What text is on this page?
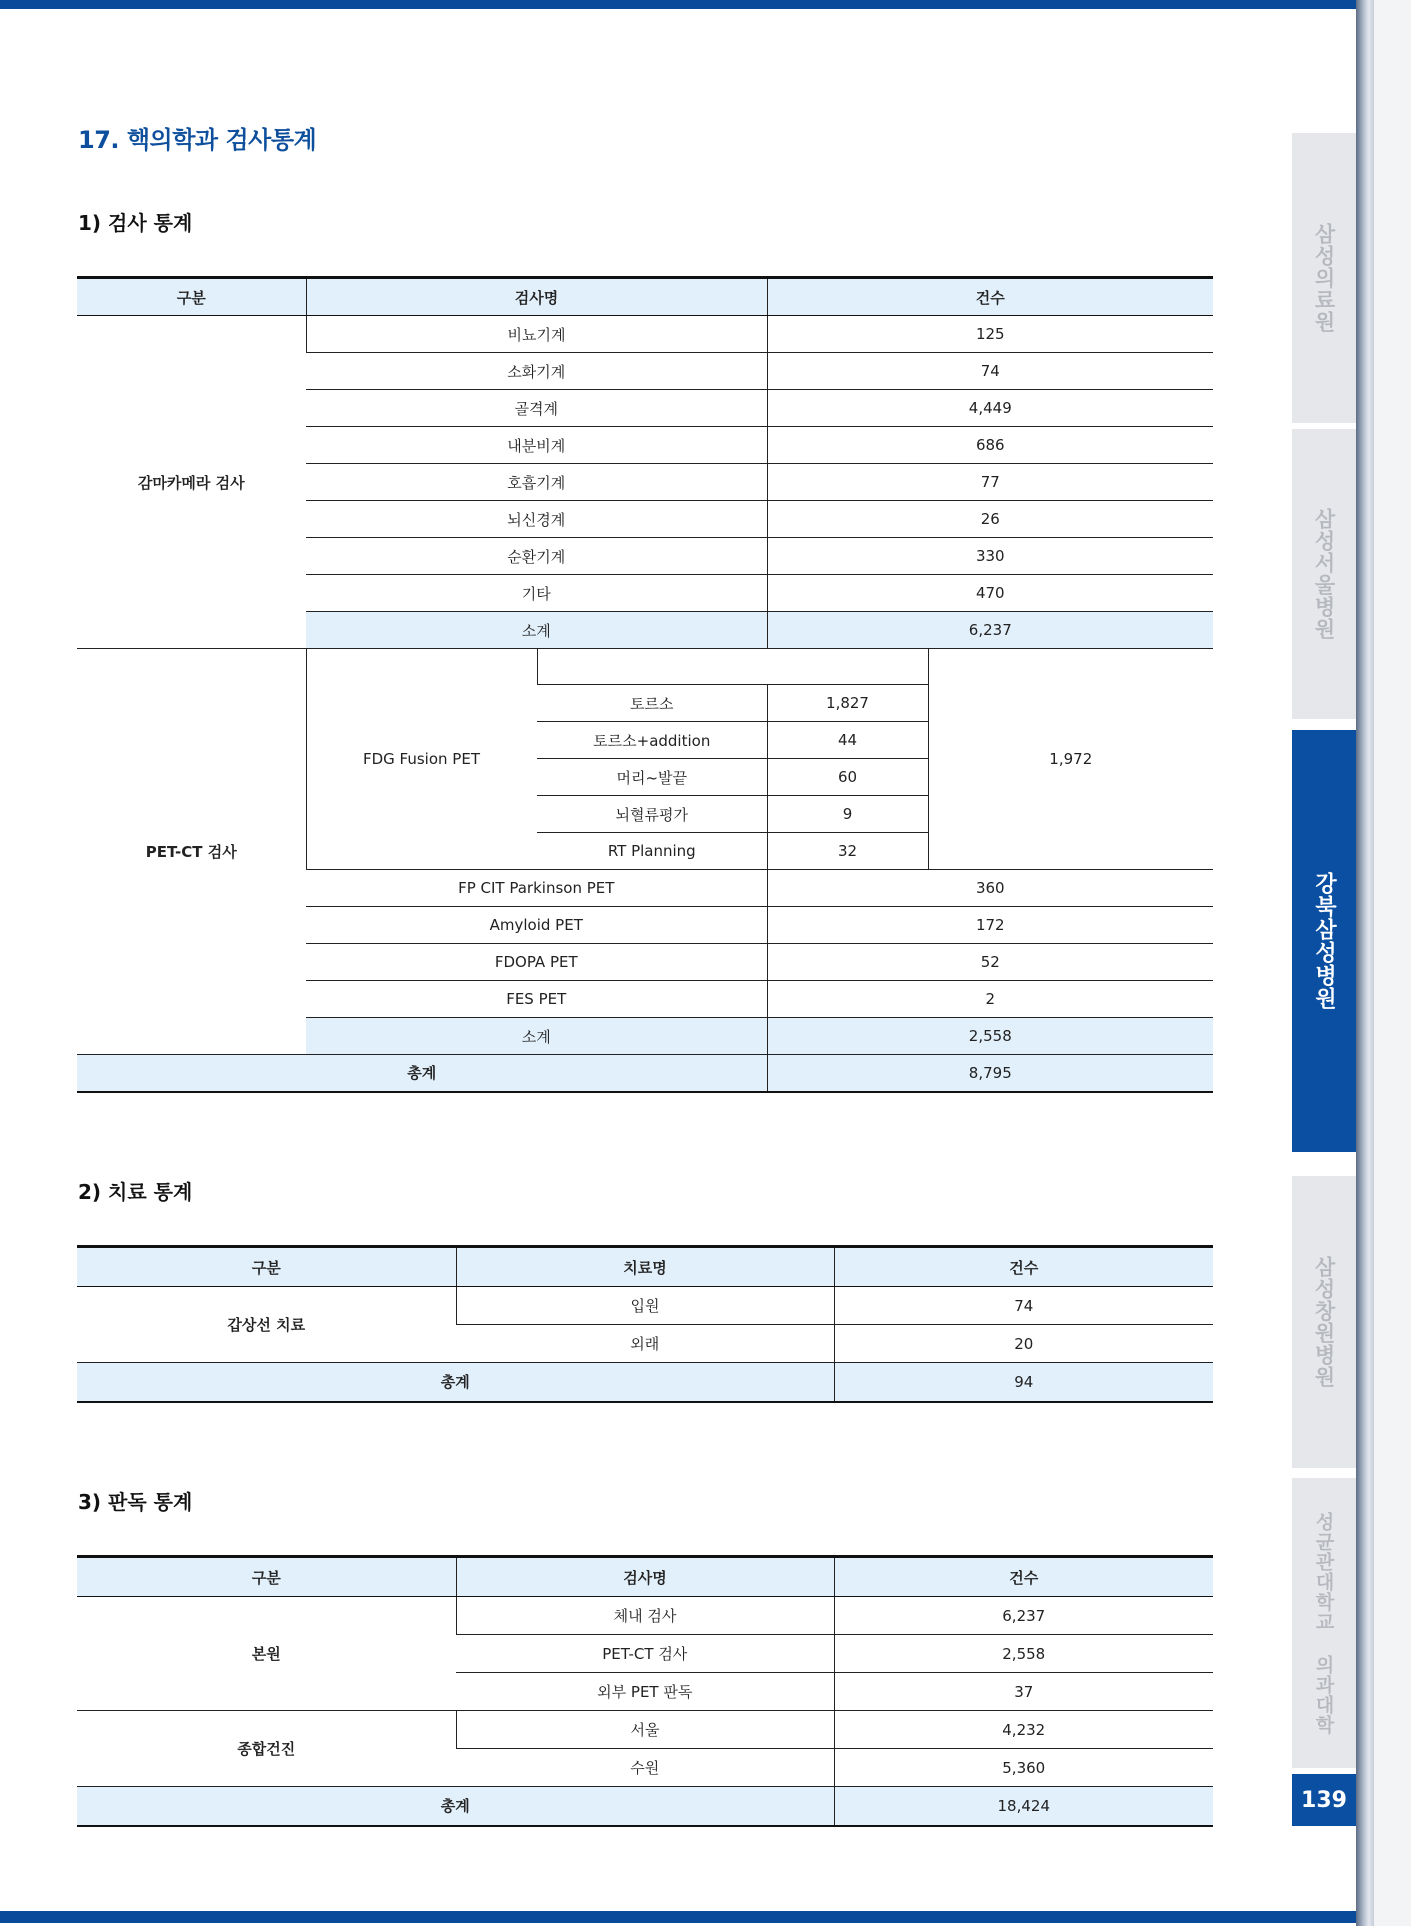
17. 핵의학과 검사통계
1) 검사 통계
구분	검사명		건수	
감마카메라 검사	비뇨기계		125	
	소화기계		74	
	골격계		4,449	
	내분비계		686	
	호흡기계		77	
	뇌신경계		26	
	순환기계		330	
	기타		470	
	소계		6,237	
PET-CT 검사	FDG Fusion PET			1,972
		토르소	1,827	
		토르소+addition	44	
		머리~발끝	60	
		뇌혈류평가	9	
		RT Planning	32	
	FP CIT Parkinson PET		360	
	Amyloid PET		172	
	FDOPA PET		52	
	FES PET		2	
	소계		2,558	
총계			8,795	
2) 치료 통계
구분	치료명	건수
갑상선 치료	입원	74
	외래	20
총계		94
3) 판독 통계
구분	검사명	건수
본원	체내 검사	6,237
	PET-CT 검사	2,558
	외부 PET 판독	37
종합건진	서울	4,232
	수원	5,360
총계		18,424
삼성의료원
삼성서울병원
강북삼성병원
삼성창원병원
성균관대학교 의과대학
139
